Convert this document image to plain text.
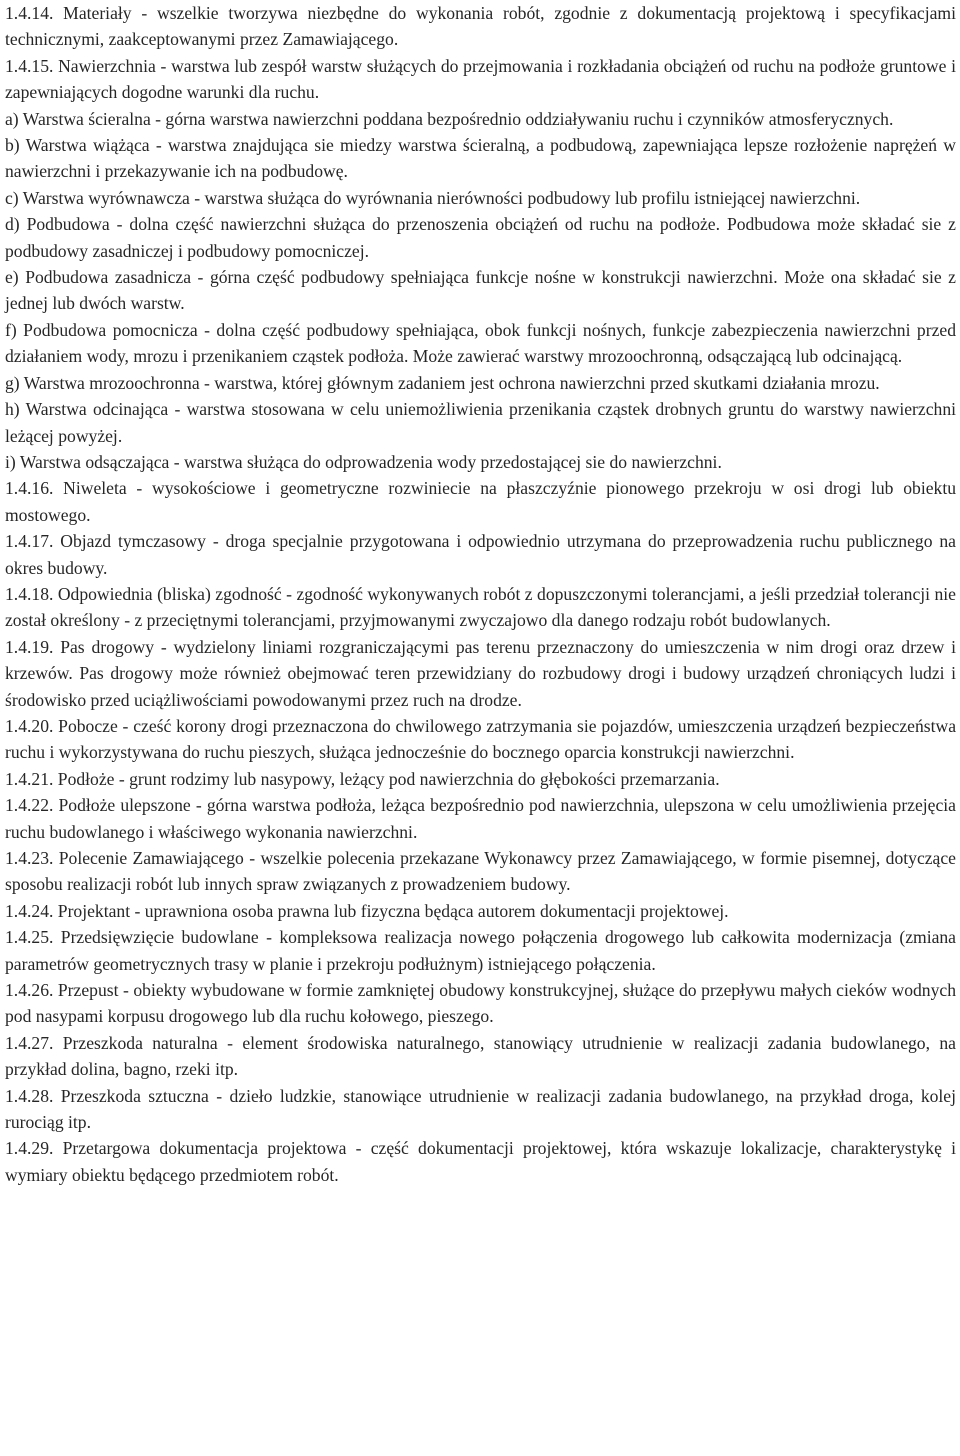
1.4.14. Materiały - wszelkie tworzywa niezbędne do wykonania robót, zgodnie z dokumentacją projektową i specyfikacjami technicznymi, zaakceptowanymi przez Zamawiającego.

1.4.15. Nawierzchnia - warstwa lub zespół warstw służących do przejmowania i rozkładania obciążeń od ruchu na podłoże gruntowe i zapewniających dogodne warunki dla ruchu.

a) Warstwa ścieralna - górna warstwa nawierzchni poddana bezpośrednio oddziaływaniu ruchu i czynników atmosferycznych.

b) Warstwa wiążąca - warstwa znajdująca sie miedzy warstwa ścieralną, a podbudową, zapewniająca lepsze rozłożenie naprężeń w nawierzchni i przekazywanie ich na podbudowę.

c) Warstwa wyrównawcza - warstwa służąca do wyrównania nierówności podbudowy lub profilu istniejącej nawierzchni.

d) Podbudowa - dolna część nawierzchni służąca do przenoszenia obciążeń od ruchu na podłoże. Podbudowa może składać sie z podbudowy zasadniczej i podbudowy pomocniczej.

e) Podbudowa zasadnicza - górna część podbudowy spełniająca funkcje nośne w konstrukcji nawierzchni. Może ona składać sie z jednej lub dwóch warstw.

f) Podbudowa pomocnicza - dolna część podbudowy spełniająca, obok funkcji nośnych, funkcje zabezpieczenia nawierzchni przed działaniem wody, mrozu i przenikaniem cząstek podłoża. Może zawierać warstwy mrozoochronną, odsączającą lub odcinającą.

g) Warstwa mrozoochronna - warstwa, której głównym zadaniem jest ochrona nawierzchni przed skutkami działania mrozu.

h) Warstwa odcinająca - warstwa stosowana w celu uniemożliwienia przenikania cząstek drobnych gruntu do warstwy nawierzchni leżącej powyżej.

i) Warstwa odsączająca - warstwa służąca do odprowadzenia wody przedostającej sie do nawierzchni.

1.4.16. Niweleta - wysokościowe i geometryczne rozwiniecie na płaszczyźnie pionowego przekroju w osi drogi lub obiektu mostowego.

1.4.17. Objazd tymczasowy - droga specjalnie przygotowana i odpowiednio utrzymana do przeprowadzenia ruchu publicznego na okres budowy.

1.4.18. Odpowiednia (bliska) zgodność - zgodność wykonywanych robót z dopuszczonymi tolerancjami, a jeśli przedział tolerancji nie został określony - z przeciętnymi tolerancjami, przyjmowanymi zwyczajowo dla danego rodzaju robót budowlanych.

1.4.19. Pas drogowy - wydzielony liniami rozgraniczającymi pas terenu przeznaczony do umieszczenia w nim drogi oraz drzew i krzewów. Pas drogowy może również obejmować teren przewidziany do rozbudowy drogi i budowy urządzeń chroniących ludzi i środowisko przed uciążliwościami powodowanymi przez ruch na drodze.

1.4.20. Pobocze - cześć korony drogi przeznaczona do chwilowego zatrzymania sie pojazdów, umieszczenia urządzeń bezpieczeństwa ruchu i wykorzystywana do ruchu pieszych, służąca jednocześnie do bocznego oparcia konstrukcji nawierzchni.

1.4.21. Podłoże - grunt rodzimy lub nasypowy, leżący pod nawierzchnia do głębokości przemarzania.

1.4.22. Podłoże ulepszone - górna warstwa podłoża, leżąca bezpośrednio pod nawierzchnia, ulepszona w celu umożliwienia przejęcia ruchu budowlanego i właściwego wykonania nawierzchni.

1.4.23. Polecenie Zamawiającego - wszelkie polecenia przekazane Wykonawcy przez Zamawiającego, w formie pisemnej, dotyczące sposobu realizacji robót lub innych spraw związanych z prowadzeniem budowy.

1.4.24. Projektant - uprawniona osoba prawna lub fizyczna będąca autorem dokumentacji projektowej.

1.4.25. Przedsięwzięcie budowlane - kompleksowa realizacja nowego połączenia drogowego lub całkowita modernizacja (zmiana parametrów geometrycznych trasy w planie i przekroju podłużnym) istniejącego połączenia.

1.4.26. Przepust - obiekty wybudowane w formie zamkniętej obudowy konstrukcyjnej, służące do przepływu małych cieków wodnych pod nasypami korpusu drogowego lub dla ruchu kołowego, pieszego.

1.4.27. Przeszkoda naturalna - element środowiska naturalnego, stanowiący utrudnienie w realizacji zadania budowlanego, na przykład dolina, bagno, rzeki itp.

1.4.28. Przeszkoda sztuczna - dzieło ludzkie, stanowiące utrudnienie w realizacji zadania budowlanego, na przykład droga, kolej rurociąg itp.

1.4.29. Przetargowa dokumentacja projektowa - część dokumentacji projektowej, która wskazuje lokalizacje, charakterystykę i wymiary obiektu będącego przedmiotem robót.
